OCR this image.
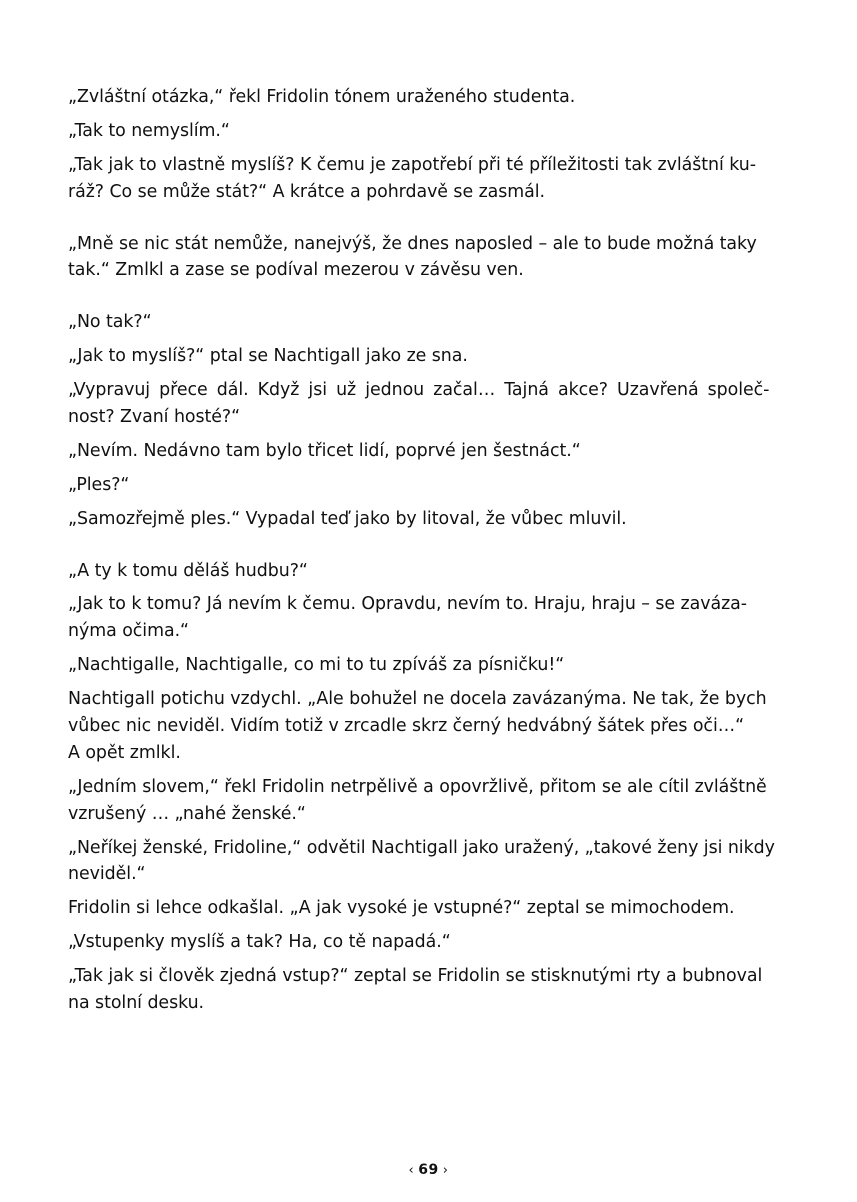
„Zvláštní otázka,“ řekl Fridolin tónem uraženého studenta.

„Tak to nemyslím.“

„Tak jak to vlastně myslíš? K čemu je zapotřebí při té příležitosti tak zvláštní ku-
ráž? Co se může stát?“ A krátce a pohrdavě se zasmál.

„Mně se nic stát nemůže, nanejvýš, že dnes naposled – ale to bude možná taky
tak.“ Zmlkl a zase se podíval mezerou v závěsu ven.

„No tak?“

„Jak to myslíš?“ ptal se Nachtigall jako ze sna.

„Vypravuj přece dál. Když jsi už jednou začal… Tajná akce? Uzavřená společ- nost? Zvaní hosté?“

„Nevím. Nedávno tam bylo třicet lidí, poprvé jen šestnáct.“

„Ples?“

„Samozřejmě ples.“ Vypadal teď jako by litoval, že vůbec mluvil.

„A ty k tomu děláš hudbu?“

„Jak to k tomu? Já nevím k čemu. Opravdu, nevím to. Hraju, hraju – se zaváza-
nýma očima.“

„Nachtigalle, Nachtigalle, co mi to tu zpíváš za písničku!“

Nachtigall potichu vzdychl. „Ale bohužel ne docela zavázanýma. Ne tak, že bych
vůbec nic neviděl. Vidím totiž v zrcadle skrz černý hedvábný šátek přes oči…“
A opět zmlkl.

„Jedním slovem,“ řekl Fridolin netrpělivě a opovržlivě, přitom se ale cítil zvláštně
vzrušený … „nahé ženské.“

„Neříkej ženské, Fridoline,“ odvětil Nachtigall jako uražený, „takové ženy jsi nikdy
neviděl.“

Fridolin si lehce odkašlal. „A jak vysoké je vstupné?“ zeptal se mimochodem.

„Vstupenky myslíš a tak? Ha, co tě napadá.“

„Tak jak si člověk zjedná vstup?“ zeptal se Fridolin se stisknutými rty a bubnoval
na stolní desku.

‹ 69 ›
